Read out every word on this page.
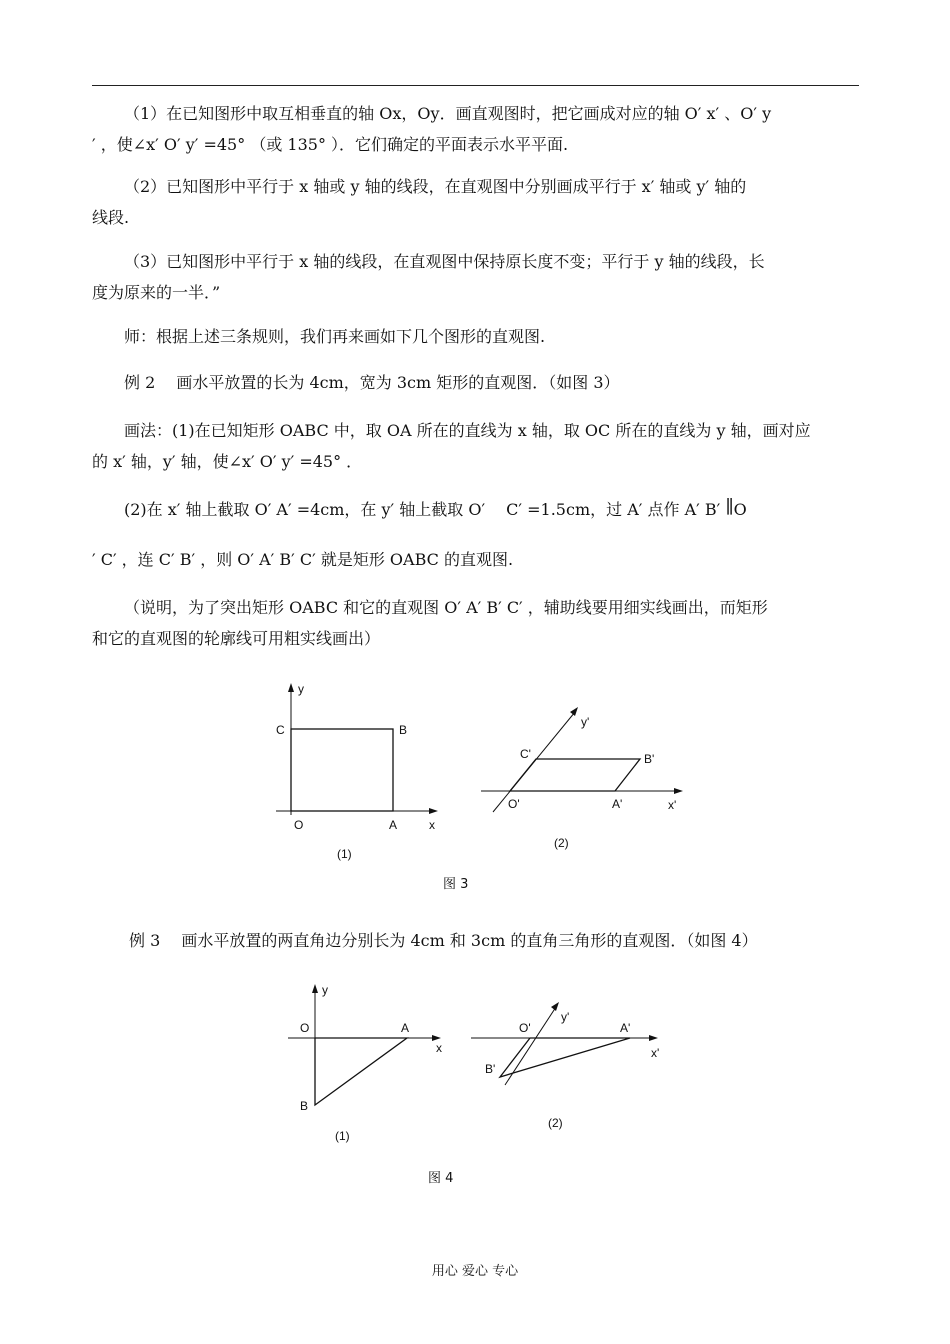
（1）在已知图形中取互相垂直的轴 Ox，Oy．画直观图时，把它画成对应的轴 O′ x′ 、O′ y

′ ，使∠x′ O′ y′ =45° （或 135° ）．它们确定的平面表示水平平面.

（2）已知图形中平行于 x 轴或 y 轴的线段，在直观图中分别画成平行于 x′ 轴或 y′ 轴的

线段.

（3）已知图形中平行于 x 轴的线段，在直观图中保持原长度不变；平行于 y 轴的线段，长

度为原来的一半．”

师：根据上述三条规则，我们再来画如下几个图形的直观图.

例 2　 画水平放置的长为 4cm，宽为 3cm 矩形的直观图．（如图 3）

画法：(1)在已知矩形 OABC 中，取 OA 所在的直线为 x 轴，取 OC 所在的直线为 y 轴，画对应

的 x′ 轴，y′ 轴，使∠x′ O′ y′ =45° ．

(2)在 x′ 轴上截取 O′ A′ =4cm，在 y′ 轴上截取 O′ 　C′ =1.5cm，过 A′ 点作 A′ B′ ∥O

′ C′ ，连 C′ B′ ，则 O′ A′ B′ C′ 就是矩形 OABC 的直观图.

（说明，为了突出矩形 OABC 和它的直观图 O′ A′ B′ C′ ，辅助线要用细实线画出，而矩形

和它的直观图的轮廓线可用粗实线画出）

y
C	B
O	A	x
(1)
y'
C'	B'
O'	A'	x'
(2)
图 3

例 3　 画水平放置的两直角边分别长为 4cm 和 3cm 的直角三角形的直观图．（如图 4）

y
O	A
x
B
(1)
y'
O'	A'
x'
B'
(2)
图 4
用心 爱心 专心
